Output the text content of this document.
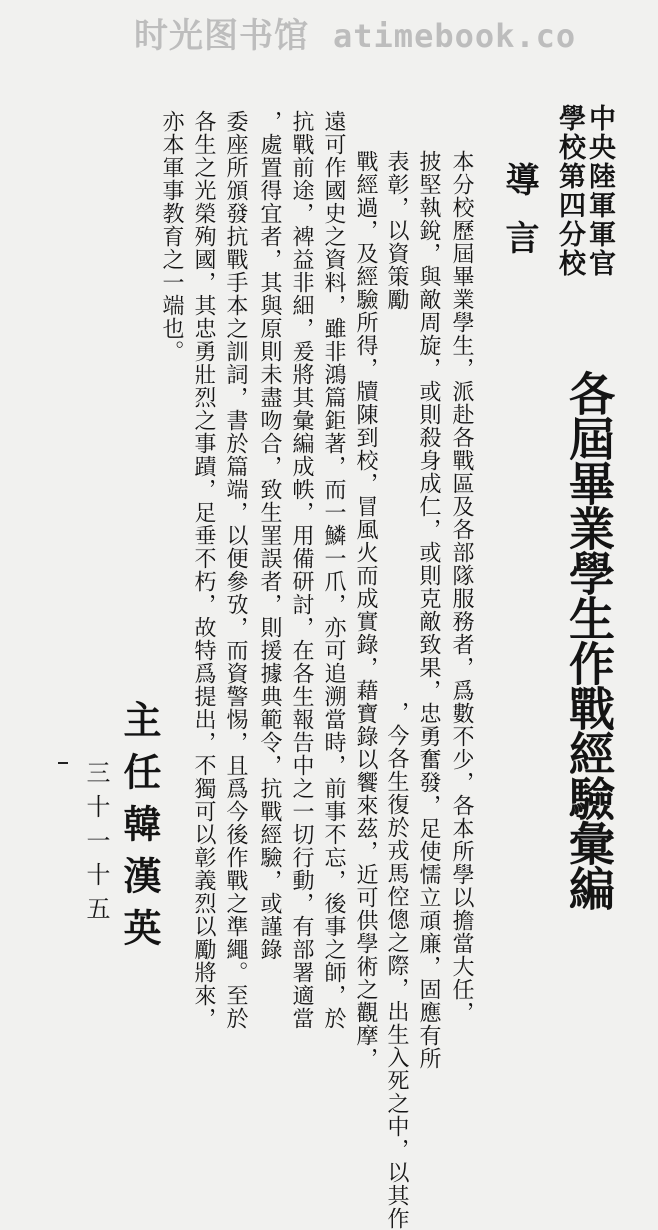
时光图书馆 atimebook.co
中央陸軍軍官
學校第四分校
各屆畢業學生作戰經驗彙編
導言
本分校歷屆畢業學生，派赴各戰區及各部隊服務者，爲數不少，各本所學以擔當大任，
披堅執銳，與敵周旋，或則殺身成仁，或則克敵致果，忠勇奮發，足使懦立頑廉，固應有所
表彰，以資策勵，今各生復於戎馬倥傯之際，出生入死之中，以其作
戰經過，及經驗所得，牘陳到校，冒風火而成實錄，藉寶錄以饗來茲，近可供學術之觀摩，
遠可作國史之資料，雖非鴻篇鉅著，而一鱗一爪，亦可追溯當時，前事不忘，後事之師，於
抗戰前途，裨益非細，爰將其彙編成帙，用備研討，在各生報告中之一切行動，有部署適當
，處置得宜者，其與原則未盡吻合，致生罣誤者，則援據典範令，抗戰經驗，或謹錄
委座所頒發抗戰手本之訓詞，書於篇端，以便參攷，而資警惕，且爲今後作戰之準繩。至於
各生之光榮殉國，其忠勇壯烈之事蹟，足垂不朽，故特爲提出，不獨可以彰義烈以勵將來，
亦本軍事教育之一端也。
主任韓漢英
三十一十五
